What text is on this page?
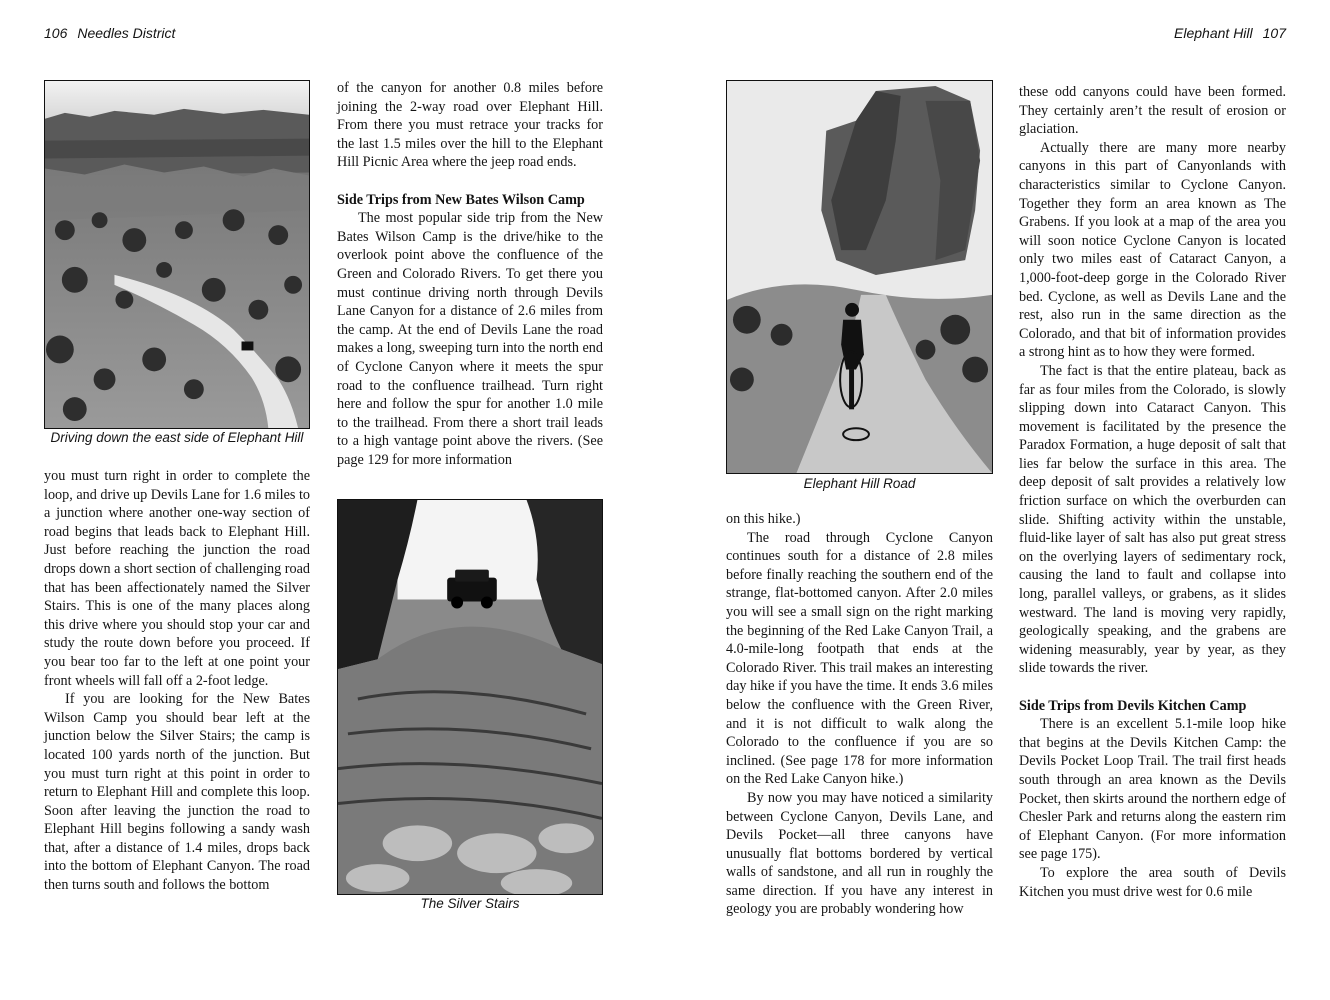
106 Needles District
Driving down the east side of Elephant Hill

you must turn right in order to complete the loop, and drive up Devils Lane for 1.6 miles to a junction where another one-way section of road begins that leads back to Elephant Hill. Just before reaching the junction the road drops down a short section of challenging road that has been affectionately named the Silver Stairs. This is one of the many places along this drive where you should stop your car and study the route down before you proceed. If you bear too far to the left at one point your front wheels will fall off a 2-foot ledge.

If you are looking for the New Bates Wilson Camp you should bear left at the junction below the Silver Stairs; the camp is located 100 yards north of the junction. But you must turn right at this point in order to return to Elephant Hill and complete this loop. Soon after leaving the junction the road to Elephant Hill begins following a sandy wash that, after a distance of 1.4 miles, drops back into the bottom of Elephant Canyon. The road then turns south and follows the bottom

of the canyon for another 0.8 miles before joining the 2-way road over Elephant Hill. From there you must retrace your tracks for the last 1.5 miles over the hill to the Elephant Hill Picnic Area where the jeep road ends.

Side Trips from New Bates Wilson Camp

The most popular side trip from the New Bates Wilson Camp is the drive/hike to the overlook point above the confluence of the Green and Colorado Rivers. To get there you must continue driving north through Devils Lane Canyon for a distance of 2.6 miles from the camp. At the end of Devils Lane the road makes a long, sweeping turn into the north end of Cyclone Canyon where it meets the spur road to the confluence trailhead. Turn right here and follow the spur for another 1.0 mile to the trailhead. From there a short trail leads to a high vantage point above the rivers. (See page 129 for more information

The Silver Stairs
Elephant Hill 107
Elephant Hill Road

on this hike.)

The road through Cyclone Canyon continues south for a distance of 2.8 miles before finally reaching the southern end of the strange, flat-bottomed canyon. After 2.0 miles you will see a small sign on the right marking the beginning of the Red Lake Canyon Trail, a 4.0-mile-long footpath that ends at the Colorado River. This trail makes an interesting day hike if you have the time. It ends 3.6 miles below the confluence with the Green River, and it is not difficult to walk along the Colorado to the confluence if you are so inclined. (See page 178 for more information on the Red Lake Canyon hike.)

By now you may have noticed a similarity between Cyclone Canyon, Devils Lane, and Devils Pocket—all three canyons have unusually flat bottoms bordered by vertical walls of sandstone, and all run in roughly the same direction. If you have any interest in geology you are probably wondering how

these odd canyons could have been formed. They certainly aren’t the result of erosion or glaciation.

Actually there are many more nearby canyons in this part of Canyonlands with characteristics similar to Cyclone Canyon. Together they form an area known as The Grabens. If you look at a map of the area you will soon notice Cyclone Canyon is located only two miles east of Cataract Canyon, a 1,000-foot-deep gorge in the Colorado River bed. Cyclone, as well as Devils Lane and the rest, also run in the same direction as the Colorado, and that bit of information provides a strong hint as to how they were formed.

The fact is that the entire plateau, back as far as four miles from the Colorado, is slowly slipping down into Cataract Canyon. This movement is facilitated by the presence the Paradox Formation, a huge deposit of salt that lies far below the surface in this area. The deep deposit of salt provides a relatively low friction surface on which the overburden can slide. Shifting activity within the unstable, fluid-like layer of salt has also put great stress on the overlying layers of sedimentary rock, causing the land to fault and collapse into long, parallel valleys, or grabens, as it slides westward. The land is moving very rapidly, geologically speaking, and the grabens are widening measurably, year by year, as they slide towards the river.

Side Trips from Devils Kitchen Camp

There is an excellent 5.1-mile loop hike that begins at the Devils Kitchen Camp: the Devils Pocket Loop Trail. The trail first heads south through an area known as the Devils Pocket, then skirts around the northern edge of Chesler Park and returns along the eastern rim of Elephant Canyon. (For more information see page 175).

To explore the area south of Devils Kitchen you must drive west for 0.6 mile
